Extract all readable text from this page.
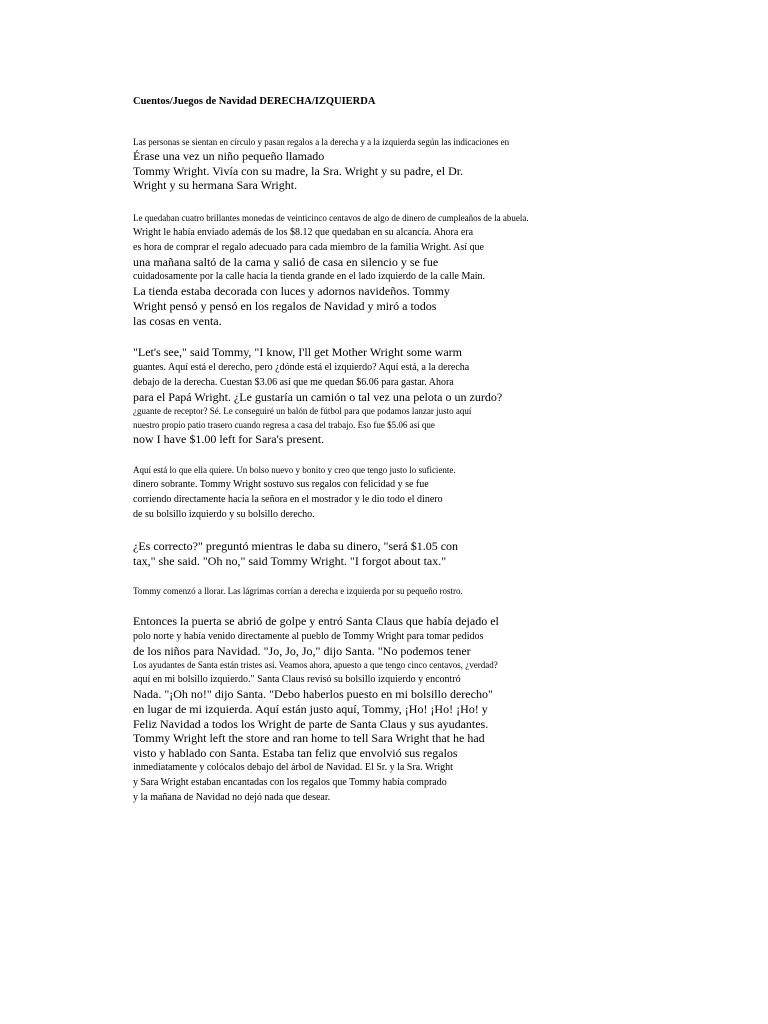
Cuentos/Juegos de Navidad DERECHA/IZQUIERDA
Las personas se sientan en círculo y pasan regalos a la derecha y a la izquierda según las indicaciones en
Érase una vez un niño pequeño llamado
Tommy Wright. Vivía con su madre, la Sra. Wright y su padre, el Dr.
Wright y su hermana Sara Wright.
Le quedaban cuatro brillantes monedas de veinticinco centavos de algo de dinero de cumpleaños de la abuela.
Wright le había enviado además de los $8.12 que quedaban en su alcancía. Ahora era
es hora de comprar el regalo adecuado para cada miembro de la familia Wright. Así que
una mañana saltó de la cama y salió de casa en silencio y se fue
cuidadosamente por la calle hacia la tienda grande en el lado izquierdo de la calle Main.
La tienda estaba decorada con luces y adornos navideños. Tommy
Wright pensó y pensó en los regalos de Navidad y miró a todos
las cosas en venta.
"Let's see," said Tommy, "I know, I'll get Mother Wright some warm
guantes. Aquí está el derecho, pero ¿dónde está el izquierdo? Aquí está, a la derecha
debajo de la derecha. Cuestan $3.06 así que me quedan $6.06 para gastar. Ahora
para el Papá Wright. ¿Le gustaría un camión o tal vez una pelota o un zurdo?
¿guante de receptor? Sé. Le conseguiré un balón de fútbol para que podamos lanzar justo aquí
nuestro propio patio trasero cuando regresa a casa del trabajo. Eso fue $5.06 así que
now I have $1.00 left for Sara's present.
Aquí está lo que ella quiere. Un bolso nuevo y bonito y creo que tengo justo lo suficiente.
dinero sobrante. Tommy Wright sostuvo sus regalos con felicidad y se fue
corriendo directamente hacia la señora en el mostrador y le dio todo el dinero
de su bolsillo izquierdo y su bolsillo derecho.
¿Es correcto?" preguntó mientras le daba su dinero, "será $1.05 con
tax," she said. "Oh no," said Tommy Wright. "I forgot about tax."
Tommy comenzó a llorar. Las lágrimas corrían a derecha e izquierda por su pequeño rostro.
Entonces la puerta se abrió de golpe y entró Santa Claus que había dejado el
polo norte y había venido directamente al pueblo de Tommy Wright para tomar pedidos
de los niños para Navidad. "Jo, Jo, Jo," dijo Santa. "No podemos tener
Los ayudantes de Santa están tristes así. Veamos ahora, apuesto a que tengo cinco centavos, ¿verdad?
aquí en mi bolsillo izquierdo." Santa Claus revisó su bolsillo izquierdo y encontró
Nada. "¡Oh no!" dijo Santa. "Debo haberlos puesto en mi bolsillo derecho"
en lugar de mi izquierda. Aquí están justo aquí, Tommy, ¡Ho! ¡Ho! ¡Ho! y
Feliz Navidad a todos los Wright de parte de Santa Claus y sus ayudantes.
Tommy Wright left the store and ran home to tell Sara Wright that he had
visto y hablado con Santa. Estaba tan feliz que envolvió sus regalos
inmediatamente y colócalos debajo del árbol de Navidad. El Sr. y la Sra. Wright
y Sara Wright estaban encantadas con los regalos que Tommy había comprado
y la mañana de Navidad no dejó nada que desear.
